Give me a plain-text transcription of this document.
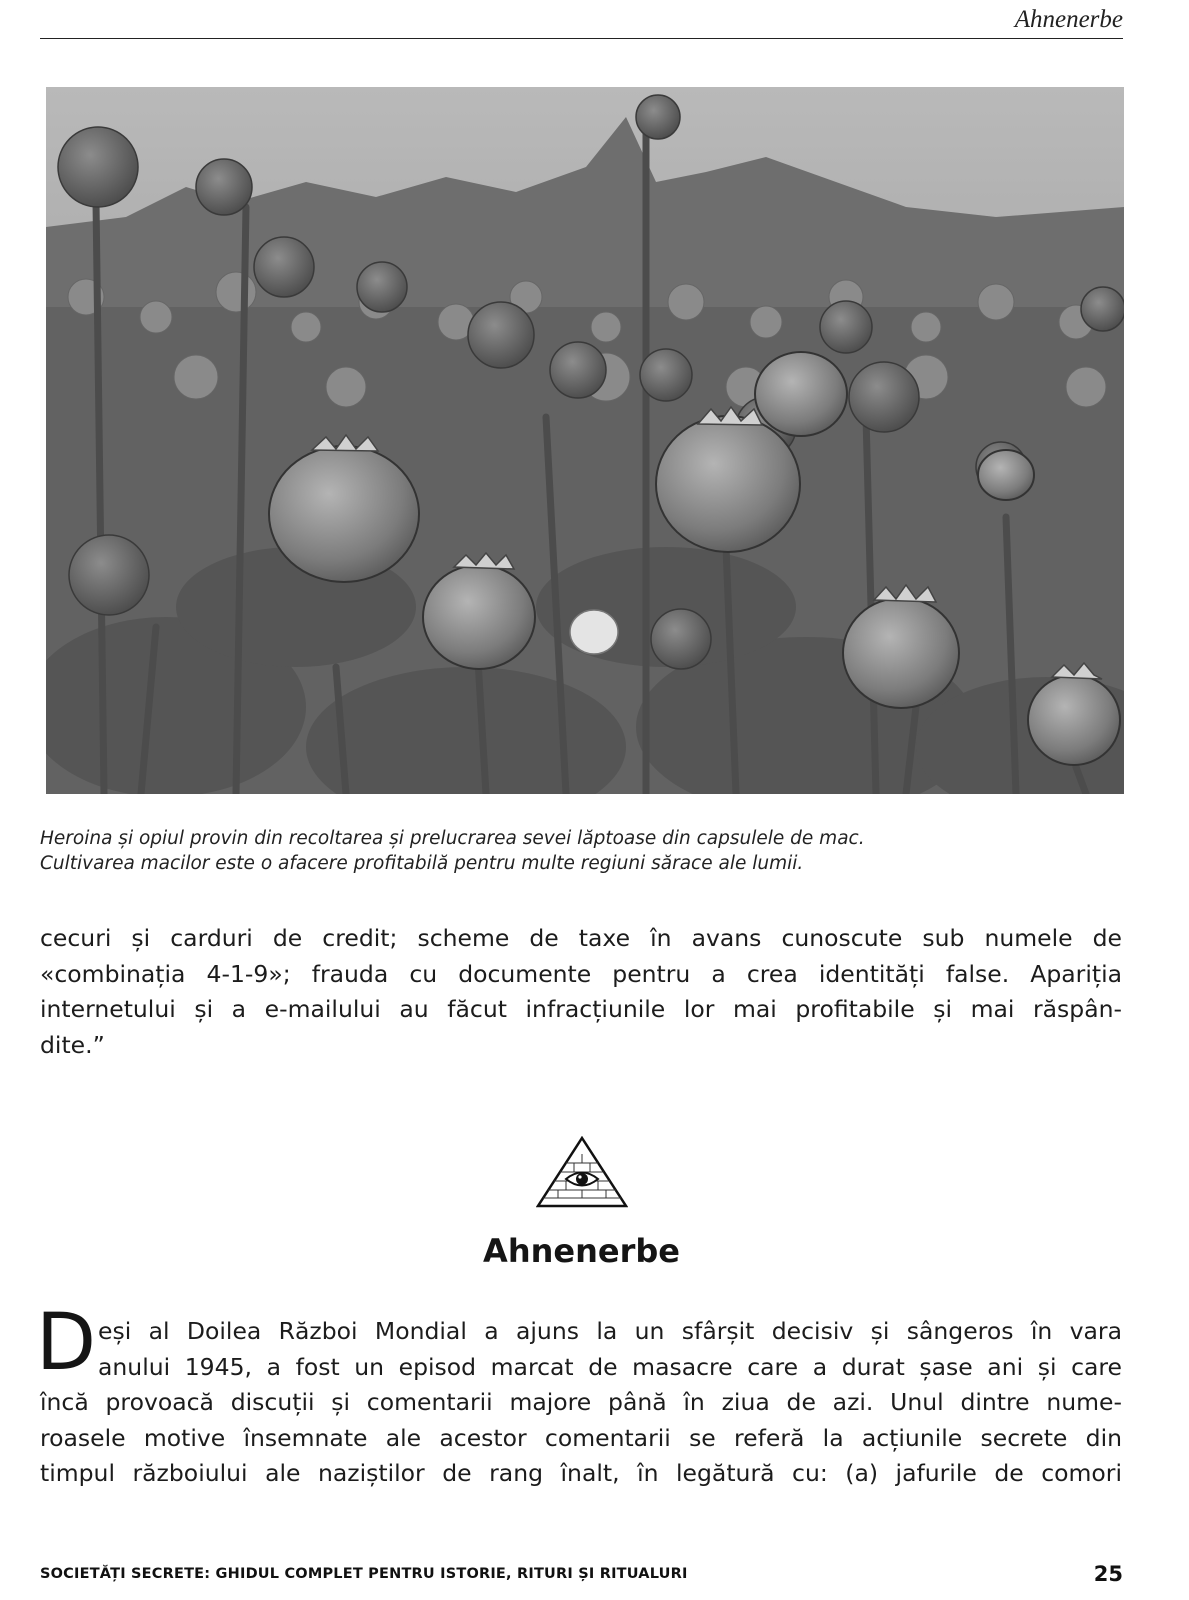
Ahnenerbe

Heroina și opiul provin din recoltarea și prelucrarea sevei lăptoase din capsulele de mac.
Cultivarea macilor este o afacere profitabilă pentru multe regiuni sărace ale lumii.

cecuri și carduri de credit; scheme de taxe în avans cunoscute sub numele de
«combinația 4-1-9»; frauda cu documente pentru a crea identități false. Apariția
internetului și a e-mailului au făcut infracțiunile lor mai profitabile și mai răspân-
dite.”

Ahnenerbe
D eși al Doilea Război Mondial a ajuns la un sfârșit decisiv și sângeros în vara
anului 1945, a fost un episod marcat de masacre care a durat șase ani și care
încă provoacă discuții și comentarii majore până în ziua de azi. Unul dintre nume-
roasele motive însemnate ale acestor comentarii se referă la acțiunile secrete din
timpul războiului ale naziștilor de rang înalt, în legătură cu: (a) jafurile de comori

SOCIETĂȚI SECRETE: GHIDUL COMPLET PENTRU ISTORIE, RITURI ȘI RITUALURI	25
